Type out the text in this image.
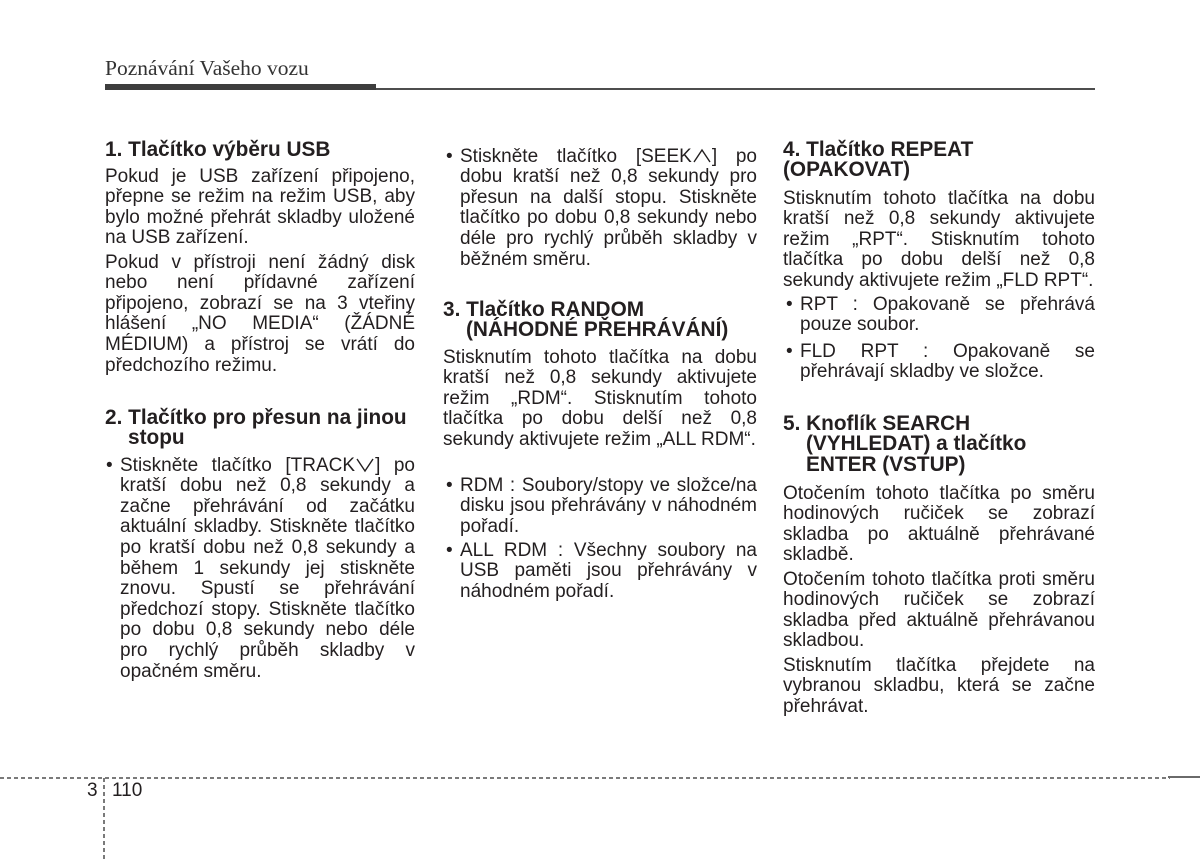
Poznávání Vašeho vozu
1. Tlačítko výběru USB

Pokud je USB zařízení připojeno, přepne se režim na režim USB, aby bylo možné přehrát skladby uložené na USB zařízení.

Pokud v přístroji není žádný disk nebo není přídavné zařízení připojeno, zobrazí se na 3 vteřiny hlášení „NO MEDIA“ (ŽÁDNÉ MÉDIUM) a přístroj se vrátí do předchozího režimu.

2. Tlačítko pro přesun na jinou
stopu
• Stiskněte tlačítko [TRACK ] po kratší dobu než 0,8 sekundy a začne přehrávání od začátku aktuální skladby. Stiskněte tlačítko po kratší dobu než 0,8 sekundy a během 1 sekundy jej stiskněte znovu. Spustí se přehrávání předchozí stopy. Stiskněte tlačítko po dobu 0,8 sekundy nebo déle pro rychlý průběh skladby v opačném směru.

• Stiskněte tlačítko [SEEK ] po dobu kratší než 0,8 sekundy pro přesun na další stopu. Stiskněte tlačítko po dobu 0,8 sekundy nebo déle pro rychlý průběh skladby v běžném směru.

3. Tlačítko RANDOM
(NÁHODNÉ PŘEHRÁVÁNÍ)

Stisknutím tohoto tlačítka na dobu kratší než 0,8 sekundy aktivujete režim „RDM“. Stisknutím tohoto tlačítka po dobu delší než 0,8 sekundy aktivujete režim „ALL RDM“.

• RDM : Soubory/stopy ve složce/na disku jsou přehrávány v náhodném pořadí.

• ALL RDM : Všechny soubory na USB paměti jsou přehrávány v náhodném pořadí.

4. Tlačítko REPEAT
(OPAKOVAT)

Stisknutím tohoto tlačítka na dobu kratší než 0,8 sekundy aktivujete režim „RPT“. Stisknutím tohoto tlačítka po dobu delší než 0,8 sekundy aktivujete režim „FLD RPT“.

• RPT : Opakovaně se přehrává pouze soubor.

• FLD RPT : Opakovaně se přehrávají skladby ve složce.

5. Knoflík SEARCH
(VYHLEDAT) a tlačítko
ENTER (VSTUP)

Otočením tohoto tlačítka po směru hodinových ručiček se zobrazí skladba po aktuálně přehrávané skladbě.

Otočením tohoto tlačítka proti směru hodinových ručiček se zobrazí skladba před aktuálně přehrávanou skladbou.

Stisknutím tlačítka přejdete na vybranou skladbu, která se začne přehrávat.

3 110
